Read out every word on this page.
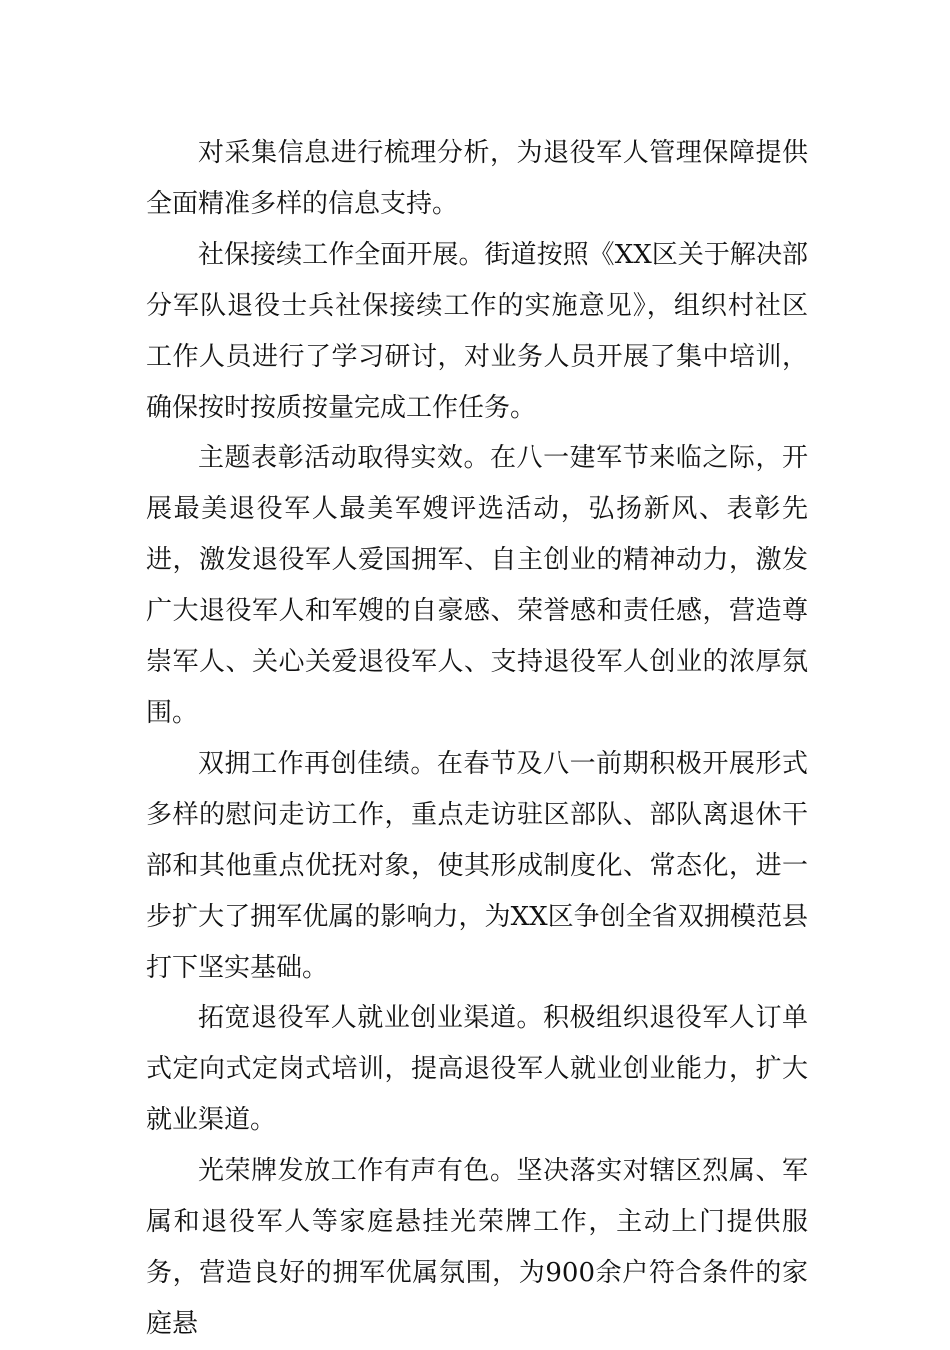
对采集信息进行梳理分析，为退役军人管理保障提供全面精准多样的信息支持。

社保接续工作全面开展。街道按照《XX区关于解决部分军队退役士兵社保接续工作的实施意见》，组织村社区工作人员进行了学习研讨，对业务人员开展了集中培训，确保按时按质按量完成工作任务。

主题表彰活动取得实效。在八一建军节来临之际，开展最美退役军人最美军嫂评选活动，弘扬新风、表彰先进，激发退役军人爱国拥军、自主创业的精神动力，激发广大退役军人和军嫂的自豪感、荣誉感和责任感，营造尊崇军人、关心关爱退役军人、支持退役军人创业的浓厚氛围。

双拥工作再创佳绩。在春节及八一前期积极开展形式多样的慰问走访工作，重点走访驻区部队、部队离退休干部和其他重点优抚对象，使其形成制度化、常态化，进一步扩大了拥军优属的影响力，为XX区争创全省双拥模范县打下坚实基础。

拓宽退役军人就业创业渠道。积极组织退役军人订单式定向式定岗式培训，提高退役军人就业创业能力，扩大就业渠道。

光荣牌发放工作有声有色。坚决落实对辖区烈属、军属和退役军人等家庭悬挂光荣牌工作，主动上门提供服务，营造良好的拥军优属氛围，为900余户符合条件的家庭悬
